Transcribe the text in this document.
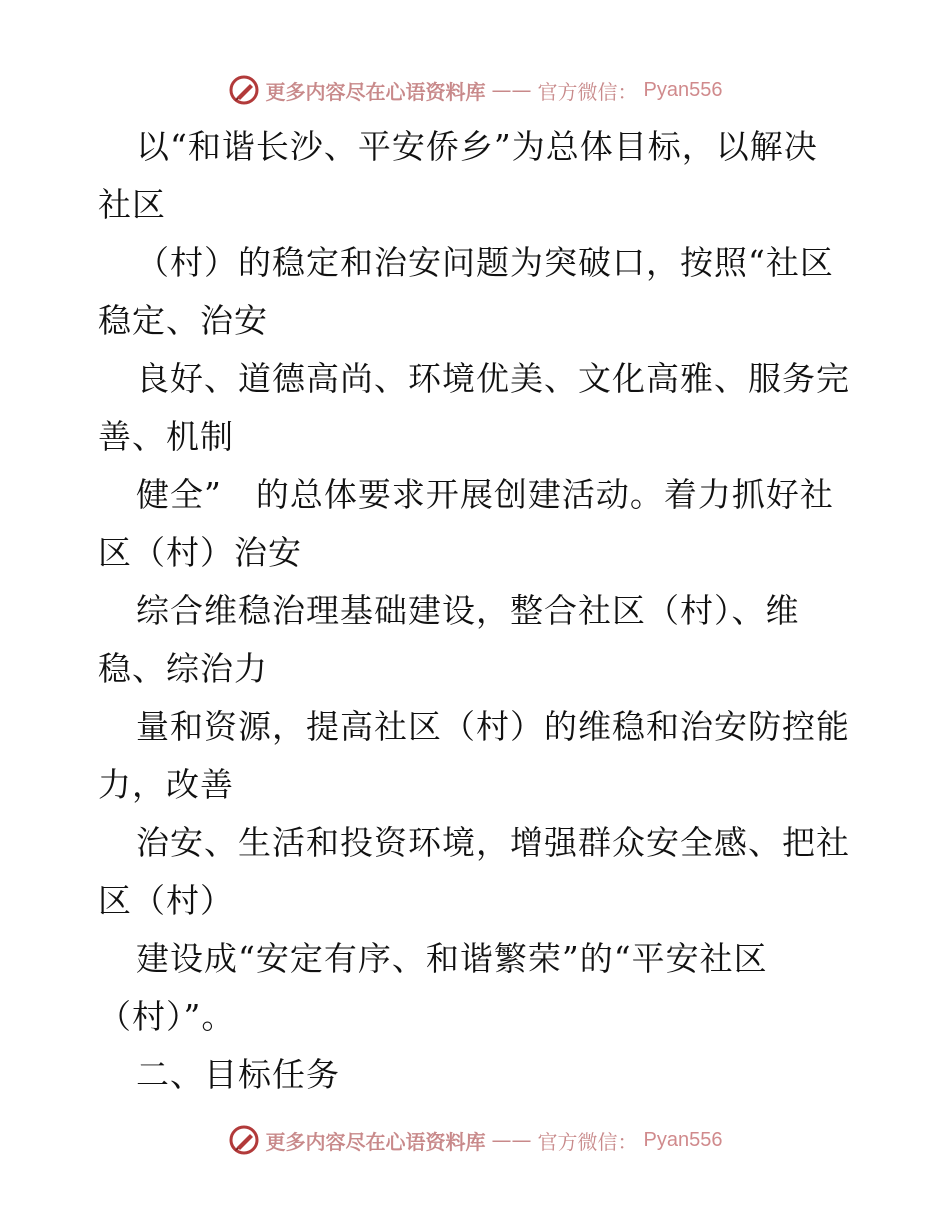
更多内容尽在心语资料库 —— 官方微信： Pyan556
以“和谐长沙、平安侨乡”为总体目标，以解决
社区
（村）的稳定和治安问题为突破口，按照“社区
稳定、治安
良好、道德高尚、环境优美、文化高雅、服务完
善、机制
健全”　的总体要求开展创建活动。着力抓好社
区（村）治安
综合维稳治理基础建设，整合社区（村）、维
稳、综治力
量和资源，提高社区（村）的维稳和治安防控能
力，改善
治安、生活和投资环境，增强群众安全感、把社
区（村）
建设成“安定有序、和谐繁荣”的“平安社区
（村）”。
二、目标任务
更多内容尽在心语资料库 —— 官方微信： Pyan556
